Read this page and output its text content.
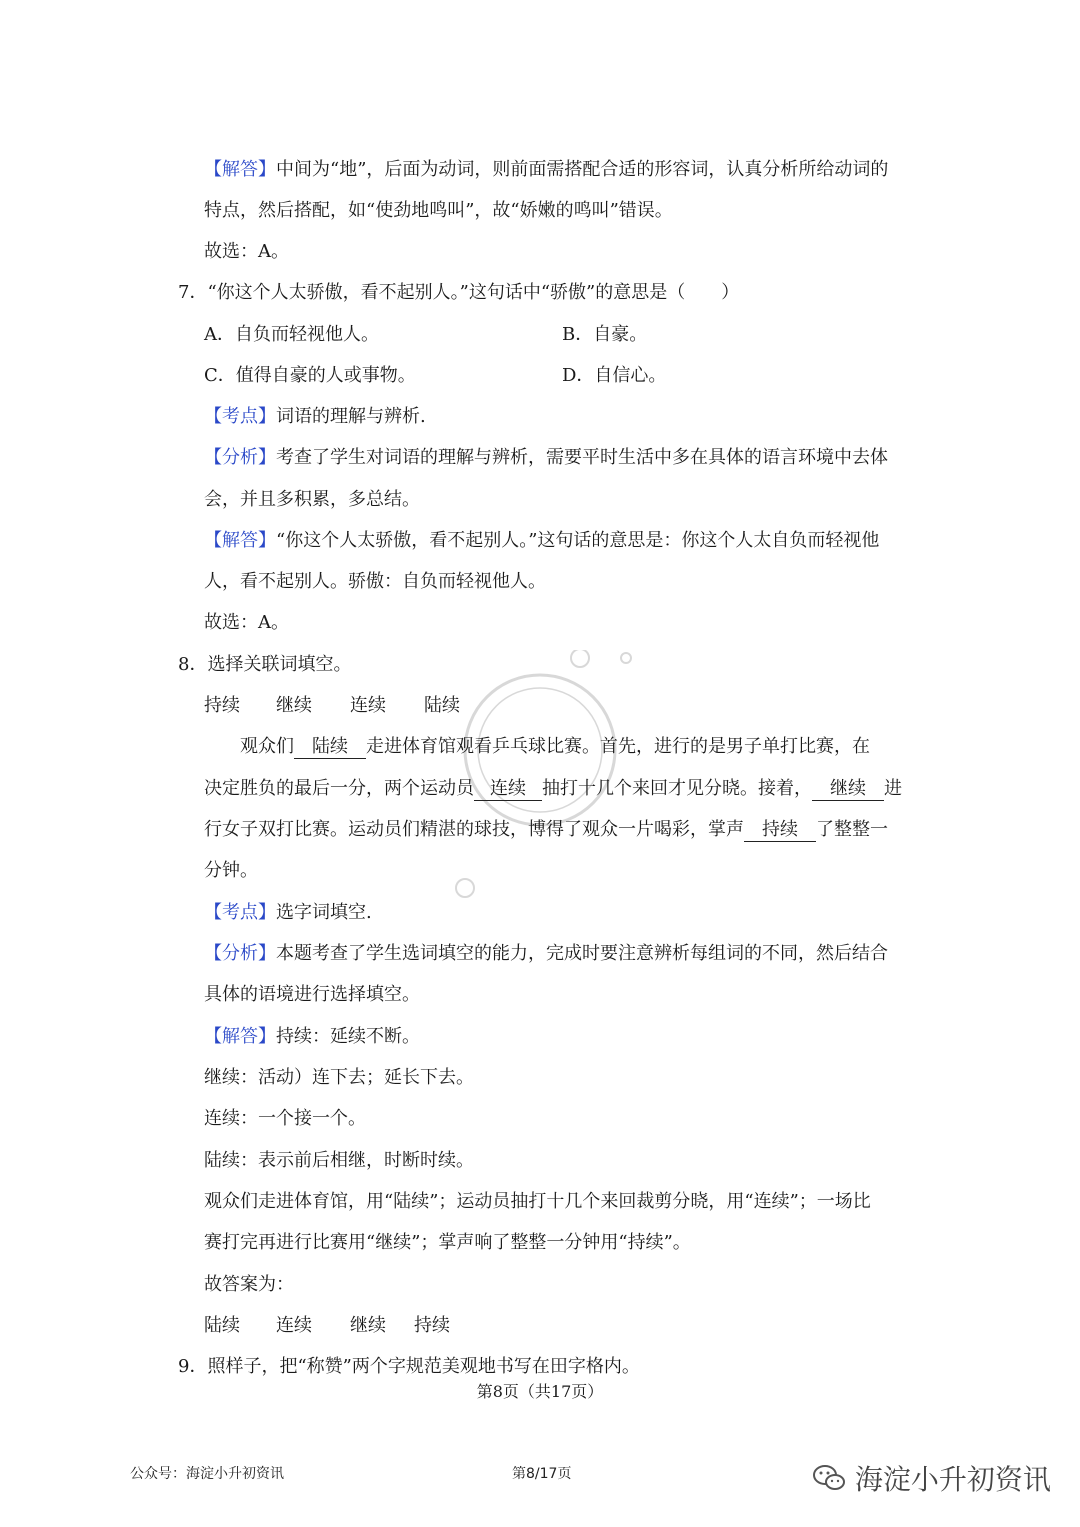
【解答】中间为“地”，后面为动词，则前面需搭配合适的形容词，认真分析所给动词的
特点，然后搭配，如“使劲地鸣叫”，故“娇嫩的鸣叫”错误。
故选：A。
7．“你这个人太骄傲，看不起别人。”这句话中“骄傲”的意思是（　　）
A．自负而轻视他人。	B．自豪。
C．值得自豪的人或事物。	D．自信心。
【考点】词语的理解与辨析.
【分析】考查了学生对词语的理解与辨析，需要平时生活中多在具体的语言环境中去体
会，并且多积累，多总结。
【解答】“你这个人太骄傲，看不起别人。”这句话的意思是：你这个人太自负而轻视他
人，看不起别人。骄傲：自负而轻视他人。
故选：A。
8．选择关联词填空。
持续 继续 连续 陆续
观众们 陆续 走进体育馆观看乒乓球比赛。首先，进行的是男子单打比赛，在
决定胜负的最后一分，两个运动员 连续 抽打十几个来回才见分晓。接着， 继续 进
行女子双打比赛。运动员们精湛的球技，博得了观众一片喝彩，掌声 持续 了整整一
分钟。
【考点】选字词填空.
【分析】本题考查了学生选词填空的能力，完成时要注意辨析每组词的不同，然后结合
具体的语境进行选择填空。
【解答】持续：延续不断。
继续：活动）连下去；延长下去。
连续：一个接一个。
陆续：表示前后相继，时断时续。
观众们走进体育馆，用“陆续”；运动员抽打十几个来回裁剪分晓，用“连续”；一场比
赛打完再进行比赛用“继续”；掌声响了整整一分钟用“持续”。
故答案为：
陆续 连续 继续 持续
9．照样子，把“称赞”两个字规范美观地书写在田字格内。
第8页（共17页）
公众号：海淀小升初资讯	第8/17页	海淀小升初资讯
